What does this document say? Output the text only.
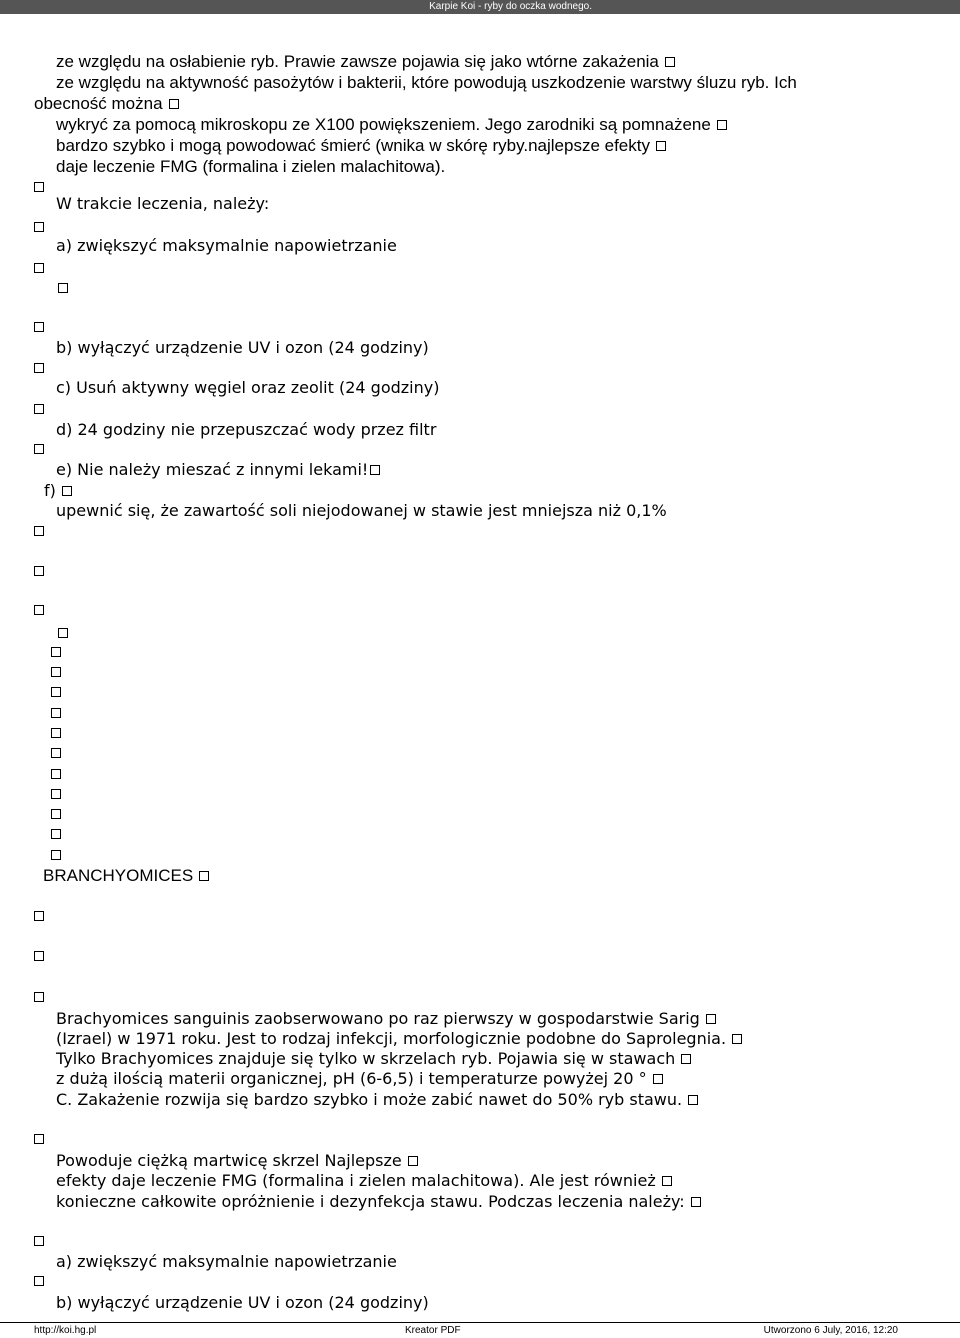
Karpie Koi - ryby do oczka wodnego.
ze względu na osłabienie ryb. Prawie zawsze pojawia się jako wtórne zakażenia
ze względu na aktywność pasożytów i bakterii, które powodują uszkodzenie warstwy śluzu ryb. Ich
obecność można
wykryć za pomocą mikroskopu ze X100 powiększeniem. Jego zarodniki są pomnażene
bardzo szybko i mogą powodować śmierć (wnika w skórę ryby.najlepsze efekty
daje leczenie FMG (formalina i zielen malachitowa).
W trakcie leczenia, należy:
a) zwiększyć maksymalnie napowietrzanie
b) wyłączyć urządzenie UV i ozon (24 godziny)
c) Usuń aktywny węgiel oraz zeolit (24 godziny)
d) 24 godziny nie przepuszczać wody przez filtr
e) Nie należy mieszać z innymi lekami!
f)
upewnić się, że zawartość soli niejodowanej w stawie jest mniejsza niż 0,1%
BRANCHYOMICES
Brachyomices sanguinis zaobserwowano po raz pierwszy w gospodarstwie Sarig
(Izrael) w 1971 roku. Jest to rodzaj infekcji, morfologicznie podobne do Saprolegnia.
Tylko Brachyomices znajduje się tylko w skrzelach ryb. Pojawia się w stawach
z dużą ilością materii organicznej, pH (6-6,5) i temperaturze powyżej 20 °
C. Zakażenie rozwija się bardzo szybko i może zabić nawet do 50% ryb stawu.
Powoduje ciężką martwicę skrzel Najlepsze
efekty daje leczenie FMG (formalina i zielen malachitowa). Ale jest również
konieczne całkowite opróżnienie i dezynfekcja stawu. Podczas leczenia należy:
a) zwiększyć maksymalnie napowietrzanie
b) wyłączyć urządzenie UV i ozon (24 godziny)
http://koi.hg.pl	Kreator PDF	Utworzono 6 July, 2016, 12:20
